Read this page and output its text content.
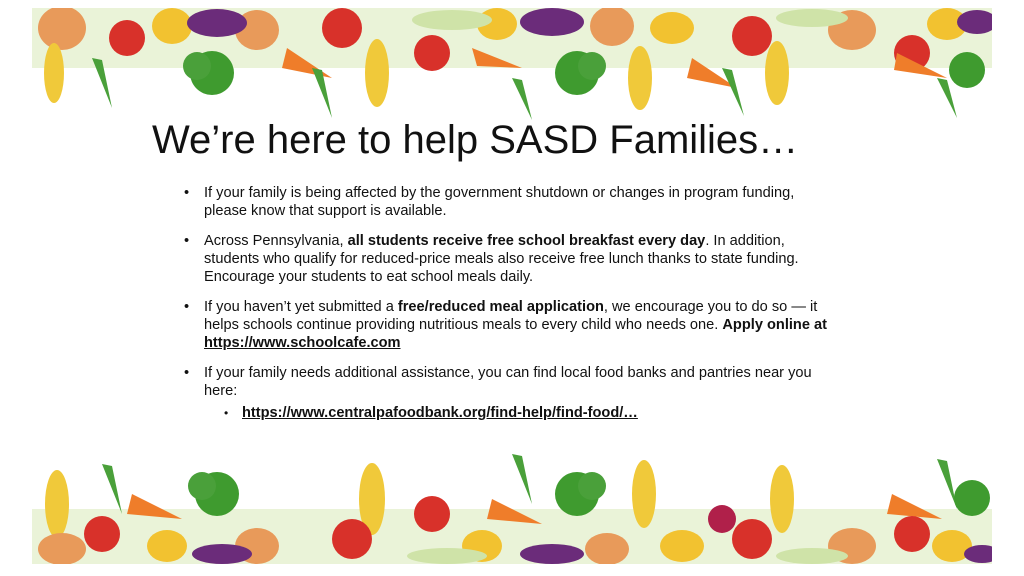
We’re here to help SASD Families…
• If your family is being affected by the government shutdown or changes in program funding, please know that support is available.
• Across Pennsylvania, all students receive free school breakfast every day. In addition, students who qualify for reduced-price meals also receive free lunch thanks to state funding. Encourage your students to eat school meals daily.
• If you haven’t yet submitted a free/reduced meal application, we encourage you to do so — it helps schools continue providing nutritious meals to every child who needs one. Apply online at https://www.schoolcafe.com
• If your family needs additional assistance, you can find local food banks and pantries near you here:
• https://www.centralpafoodbank.org/find-help/find-food/…
